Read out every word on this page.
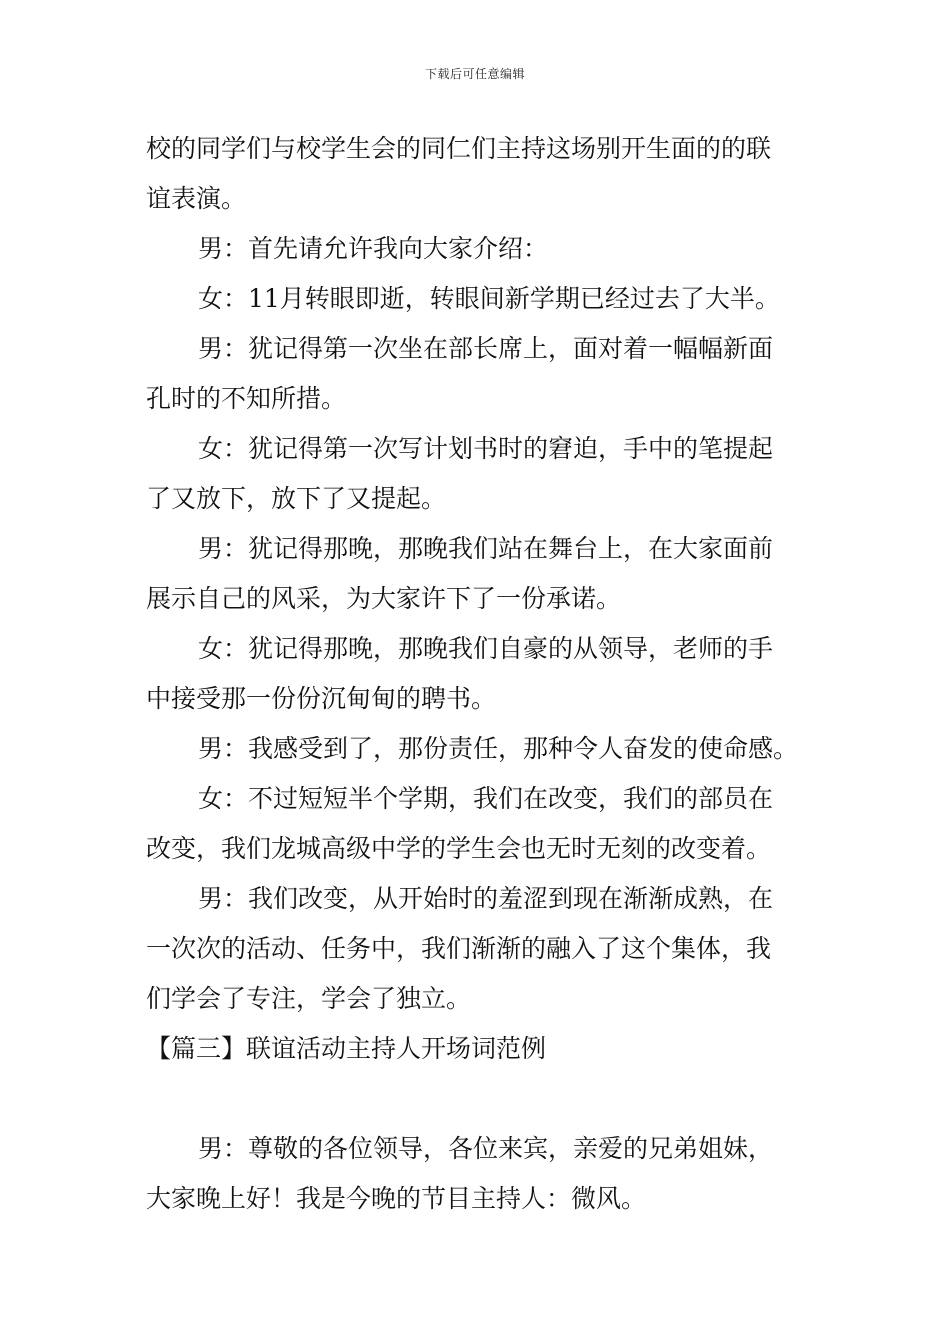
下载后可任意编辑

校的同学们与校学生会的同仁们主持这场别开生面的的联
谊表演。

男：首先请允许我向大家介绍：

女：11月转眼即逝，转眼间新学期已经过去了大半。

男：犹记得第一次坐在部长席上，面对着一幅幅新面
孔时的不知所措。

女：犹记得第一次写计划书时的窘迫，手中的笔提起
了又放下，放下了又提起。

男：犹记得那晚，那晚我们站在舞台上，在大家面前
展示自己的风采，为大家许下了一份承诺。

女：犹记得那晚，那晚我们自豪的从领导，老师的手
中接受那一份份沉甸甸的聘书。

男：我感受到了，那份责任，那种令人奋发的使命感。

女：不过短短半个学期，我们在改变，我们的部员在
改变，我们龙城高级中学的学生会也无时无刻的改变着。

男：我们改变，从开始时的羞涩到现在渐渐成熟，在
一次次的活动、任务中，我们渐渐的融入了这个集体，我
们学会了专注，学会了独立。

【篇三】联谊活动主持人开场词范例

男：尊敬的各位领导，各位来宾，亲爱的兄弟姐妹，
大家晚上好！我是今晚的节目主持人：微风。
